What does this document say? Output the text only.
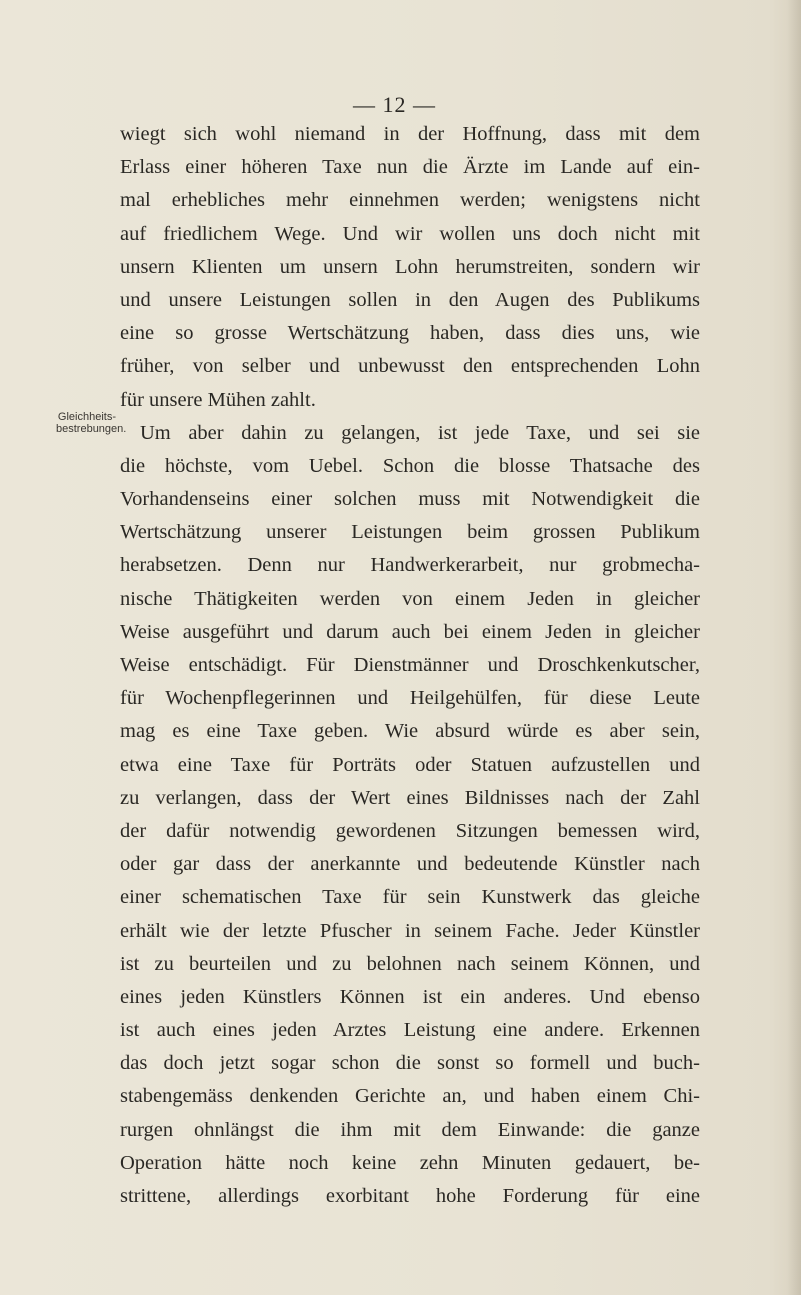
— 12 —
Gleichheits-
bestrebungen.
wiegt sich wohl niemand in der Hoffnung, dass mit dem
Erlass einer höheren Taxe nun die Ärzte im Lande auf ein-
mal erhebliches mehr einnehmen werden; wenigstens nicht
auf friedlichem Wege. Und wir wollen uns doch nicht mit
unsern Klienten um unsern Lohn herumstreiten, sondern wir
und unsere Leistungen sollen in den Augen des Publikums
eine so grosse Wertschätzung haben, dass dies uns, wie
früher, von selber und unbewusst den entsprechenden Lohn
für unsere Mühen zahlt.
Um aber dahin zu gelangen, ist jede Taxe, und sei sie
die höchste, vom Uebel. Schon die blosse Thatsache des
Vorhandenseins einer solchen muss mit Notwendigkeit die
Wertschätzung unserer Leistungen beim grossen Publikum
herabsetzen. Denn nur Handwerkerarbeit, nur grobmecha-
nische Thätigkeiten werden von einem Jeden in gleicher
Weise ausgeführt und darum auch bei einem Jeden in gleicher
Weise entschädigt. Für Dienstmänner und Droschkenkutscher,
für Wochenpflegerinnen und Heilgehülfen, für diese Leute
mag es eine Taxe geben. Wie absurd würde es aber sein,
etwa eine Taxe für Porträts oder Statuen aufzustellen und
zu verlangen, dass der Wert eines Bildnisses nach der Zahl
der dafür notwendig gewordenen Sitzungen bemessen wird,
oder gar dass der anerkannte und bedeutende Künstler nach
einer schematischen Taxe für sein Kunstwerk das gleiche
erhält wie der letzte Pfuscher in seinem Fache. Jeder Künstler
ist zu beurteilen und zu belohnen nach seinem Können, und
eines jeden Künstlers Können ist ein anderes. Und ebenso
ist auch eines jeden Arztes Leistung eine andere. Erkennen
das doch jetzt sogar schon die sonst so formell und buch-
stabengemäss denkenden Gerichte an, und haben einem Chi-
rurgen ohnlängst die ihm mit dem Einwande: die ganze
Operation hätte noch keine zehn Minuten gedauert, be-
strittene, allerdings exorbitant hohe Forderung für eine
